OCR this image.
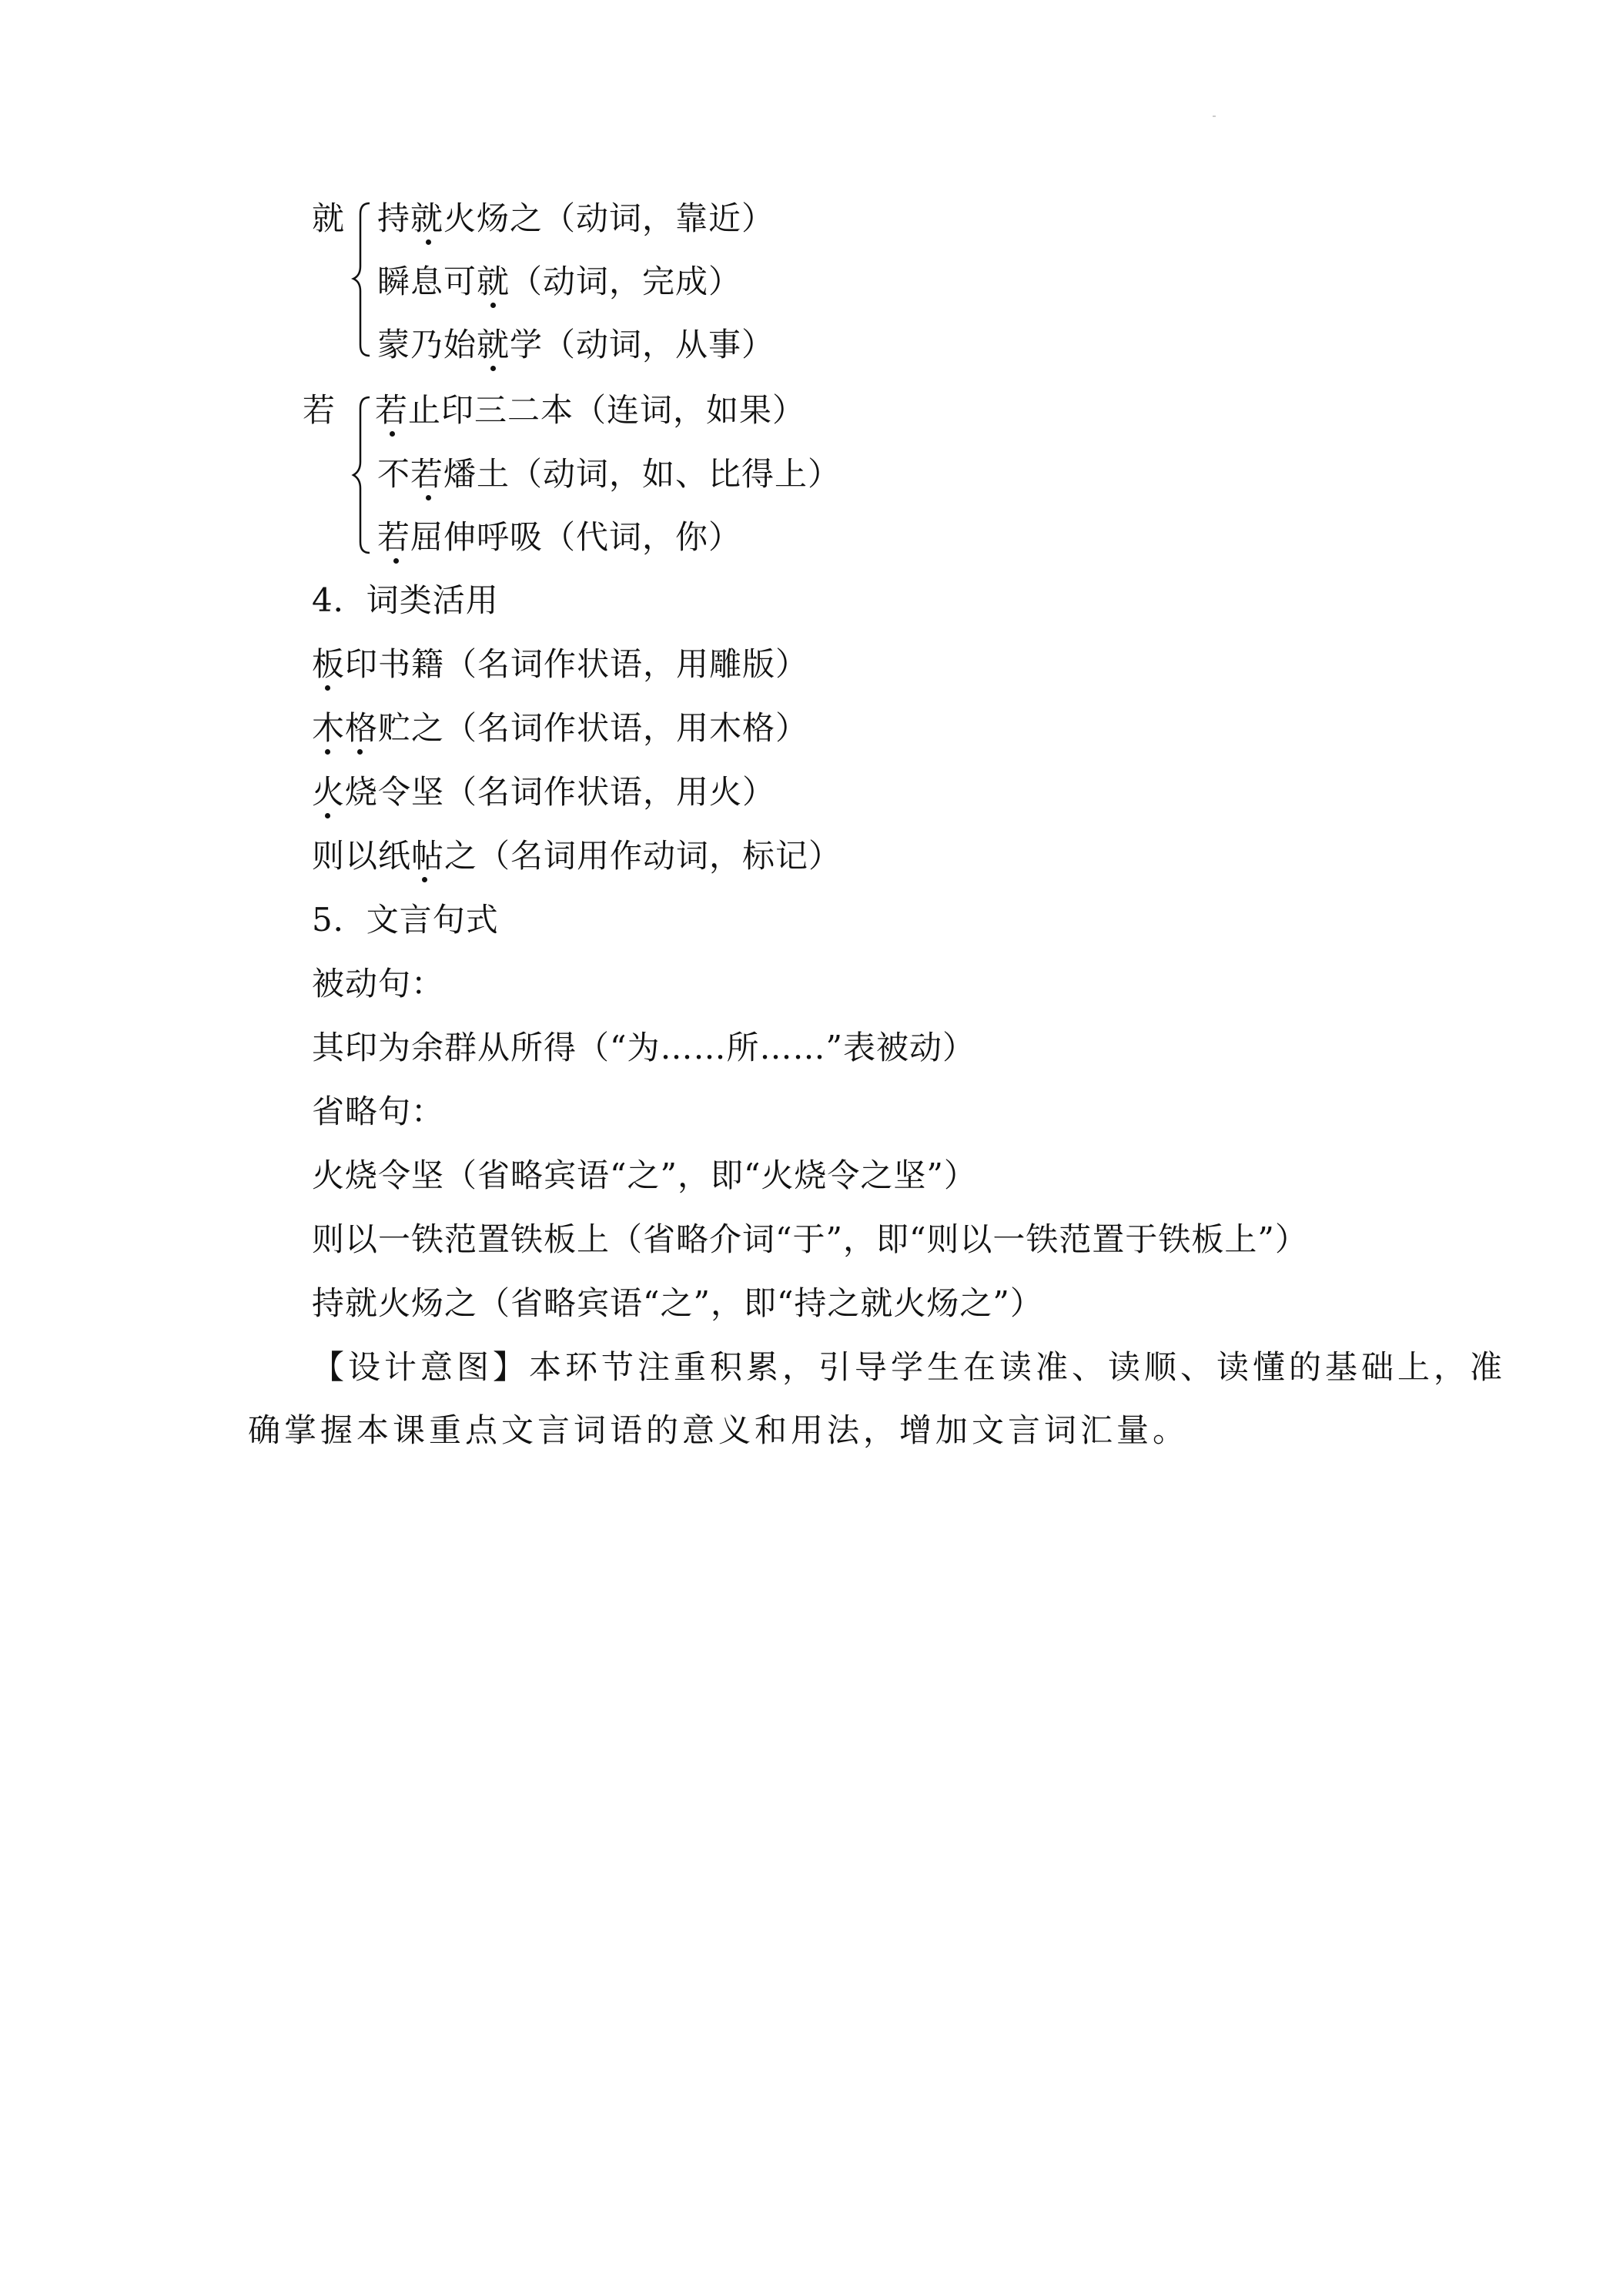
就 持就火炀之（动词，靠近）
瞬息可就（动词，完成）
蒙乃始就学（动词，从事）
若 若止印三二本（连词，如果）
不若燔土（动词，如、比得上）
若屈伸呼吸（代词，你）
4．词类活用
板印书籍（名词作状语，用雕版）
木格贮之（名词作状语，用木格）
火烧令坚（名词作状语，用火）
则以纸帖之（名词用作动词，标记）
5．文言句式
被动句：
其印为余群从所得（“为……所……”表被动）
省略句：
火烧令坚（省略宾语“之”，即“火烧令之坚”）
则以一铁范置铁板上（省略介词“于”，即“则以一铁范置于铁板上”）
持就火炀之（省略宾语“之”，即“持之就火炀之”）
【设计意图】本环节注重积累，引导学生在读准、读顺、读懂的基础上，准
确掌握本课重点文言词语的意义和用法，增加文言词汇量。
